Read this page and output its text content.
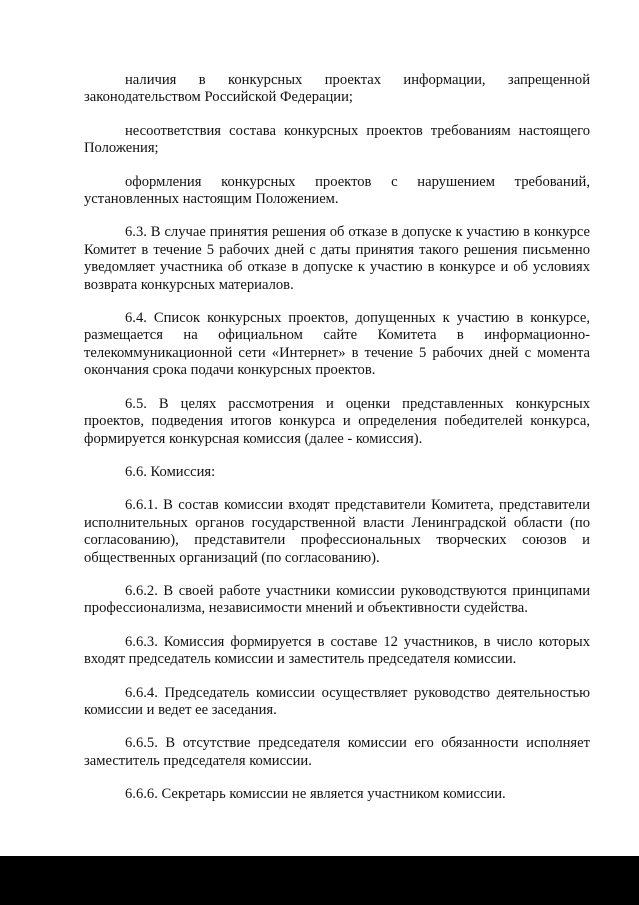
наличия в конкурсных проектах информации, запрещенной законодательством Российской Федерации;

несоответствия состава конкурсных проектов требованиям настоящего Положения;

оформления конкурсных проектов с нарушением требований, установленных настоящим Положением.

6.3. В случае принятия решения об отказе в допуске к участию в конкурсе Комитет в течение 5 рабочих дней с даты принятия такого решения письменно уведомляет участника об отказе в допуске к участию в конкурсе и об условиях возврата конкурсных материалов.

6.4. Список конкурсных проектов, допущенных к участию в конкурсе, размещается на официальном сайте Комитета в информационно-телекоммуникационной сети «Интернет» в течение 5 рабочих дней с момента окончания срока подачи конкурсных проектов.

6.5. В целях рассмотрения и оценки представленных конкурсных проектов, подведения итогов конкурса и определения победителей конкурса, формируется конкурсная комиссия (далее - комиссия).

6.6. Комиссия:

6.6.1. В состав комиссии входят представители Комитета, представители исполнительных органов государственной власти Ленинградской области (по согласованию), представители профессиональных творческих союзов и общественных организаций (по согласованию).

6.6.2. В своей работе участники комиссии руководствуются принципами профессионализма, независимости мнений и объективности судейства.

6.6.3. Комиссия формируется в составе 12 участников, в число которых входят председатель комиссии и заместитель председателя комиссии.

6.6.4. Председатель комиссии осуществляет руководство деятельностью комиссии и ведет ее заседания.

6.6.5. В отсутствие председателя комиссии его обязанности исполняет заместитель председателя комиссии.

6.6.6. Секретарь комиссии не является участником комиссии.
